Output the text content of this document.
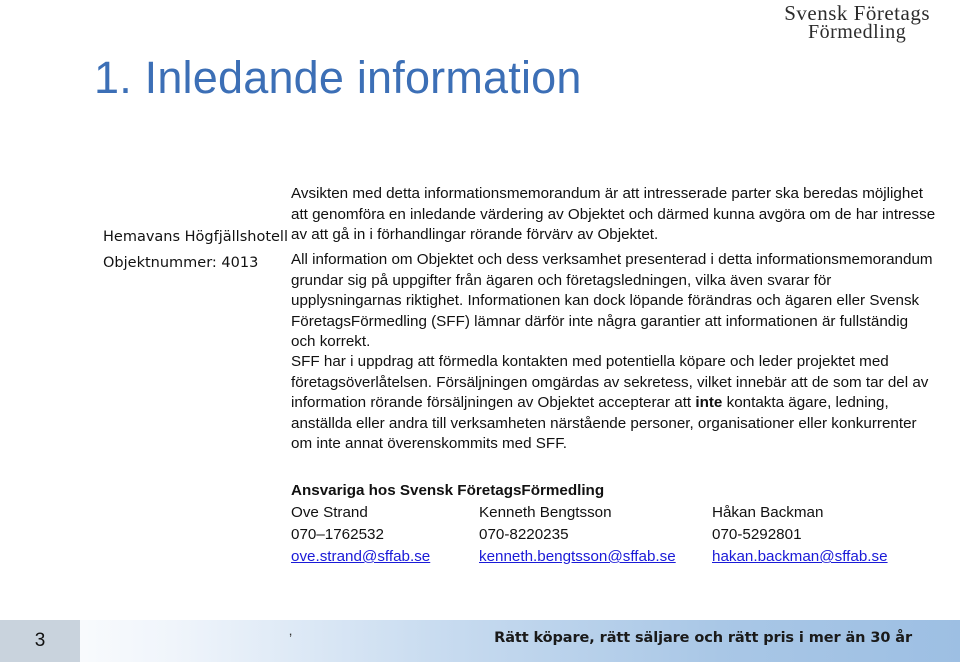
Svensk Företags
Förmedling
1. Inledande information
Hemavans Högfjällshotell
Objektnummer: 4013

Avsikten med detta informationsmemorandum är att intresserade parter ska beredas möjlighet att genomföra en inledande värdering av Objektet och därmed kunna avgöra om de har intresse av att gå in i förhandlingar rörande förvärv av Objektet.

All information om Objektet och dess verksamhet presenterad i detta informationsmemorandum grundar sig på uppgifter från ägaren och företagsledningen, vilka även svarar för upplysningarnas riktighet. Informationen kan dock löpande förändras och ägaren eller Svensk FöretagsFörmedling (SFF) lämnar därför inte några garantier att informationen är fullständig och korrekt.

SFF har i uppdrag att förmedla kontakten med potentiella köpare och leder projektet med företagsöverlåtelsen. Försäljningen omgärdas av sekretess, vilket innebär att de som tar del av information rörande försäljningen av Objektet accepterar att inte kontakta ägare, ledning, anställda eller andra till verksamheten närstående personer, organisationer eller konkurrenter om inte annat överenskommits med SFF.

Ansvariga hos Svensk FöretagsFörmedling
Ove Strand	Kenneth Bengtsson	Håkan Backman
070–1762532	070-8220235	070-5292801
ove.strand@sffab.se	kenneth.bengtsson@sffab.se	hakan.backman@sffab.se
3	‚	Rätt köpare, rätt säljare och rätt pris i mer än 30 år
